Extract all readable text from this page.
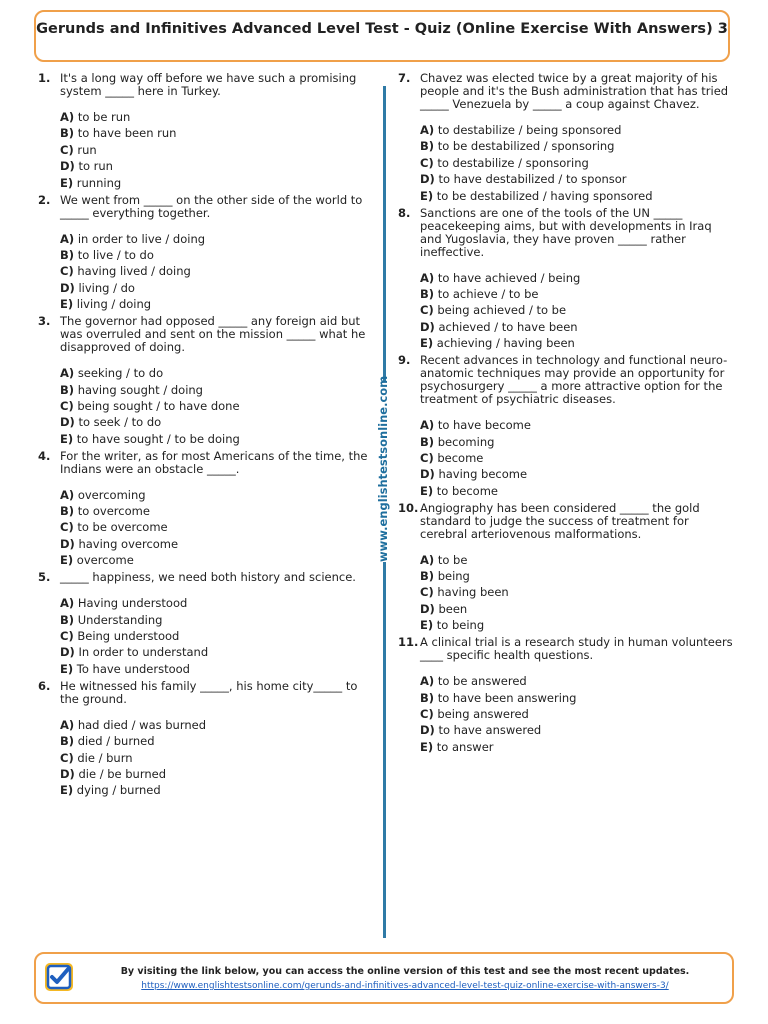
Gerunds and Infinitives Advanced Level Test - Quiz (Online Exercise With Answers) 3
1. It's a long way off before we have such a promising system _____ here in Turkey.
A) to be run
B) to have been run
C) run
D) to run
E) running
2. We went from _____ on the other side of the world to _____ everything together.
A) in order to live / doing
B) to live / to do
C) having lived / doing
D) living / do
E) living / doing
3. The governor had opposed _____ any foreign aid but was overruled and sent on the mission _____ what he disapproved of doing.
A) seeking / to do
B) having sought / doing
C) being sought / to have done
D) to seek / to do
E) to have sought / to be doing
4. For the writer, as for most Americans of the time, the Indians were an obstacle _____.
A) overcoming
B) to overcome
C) to be overcome
D) having overcome
E) overcome
5. _____ happiness, we need both history and science.
A) Having understood
B) Understanding
C) Being understood
D) In order to understand
E) To have understood
6. He witnessed his family _____, his home city_____ to the ground.
A) had died / was burned
B) died / burned
C) die / burn
D) die / be burned
E) dying / burned
www.englishtestsonline.com
7. Chavez was elected twice by a great majority of his people and it's the Bush administration that has tried _____ Venezuela by _____ a coup against Chavez.
A) to destabilize / being sponsored
B) to be destabilized / sponsoring
C) to destabilize / sponsoring
D) to have destabilized / to sponsor
E) to be destabilized / having sponsored
8. Sanctions are one of the tools of the UN _____ peacekeeping aims, but with developments in Iraq and Yugoslavia, they have proven _____ rather ineffective.
A) to have achieved / being
B) to achieve / to be
C) being achieved / to be
D) achieved / to have been
E) achieving / having been
9. Recent advances in technology and functional neuro-anatomic techniques may provide an opportunity for psychosurgery _____ a more attractive option for the treatment of psychiatric diseases.
A) to have become
B) becoming
C) become
D) having become
E) to become
10. Angiography has been considered _____ the gold standard to judge the success of treatment for cerebral arteriovenous malformations.
A) to be
B) being
C) having been
D) been
E) to being
11. A clinical trial is a research study in human volunteers ____ specific health questions.
A) to be answered
B) to have been answering
C) being answered
D) to have answered
E) to answer
By visiting the link below, you can access the online version of this test and see the most recent updates.
https://www.englishtestsonline.com/gerunds-and-infinitives-advanced-level-test-quiz-online-exercise-with-answers-3/
